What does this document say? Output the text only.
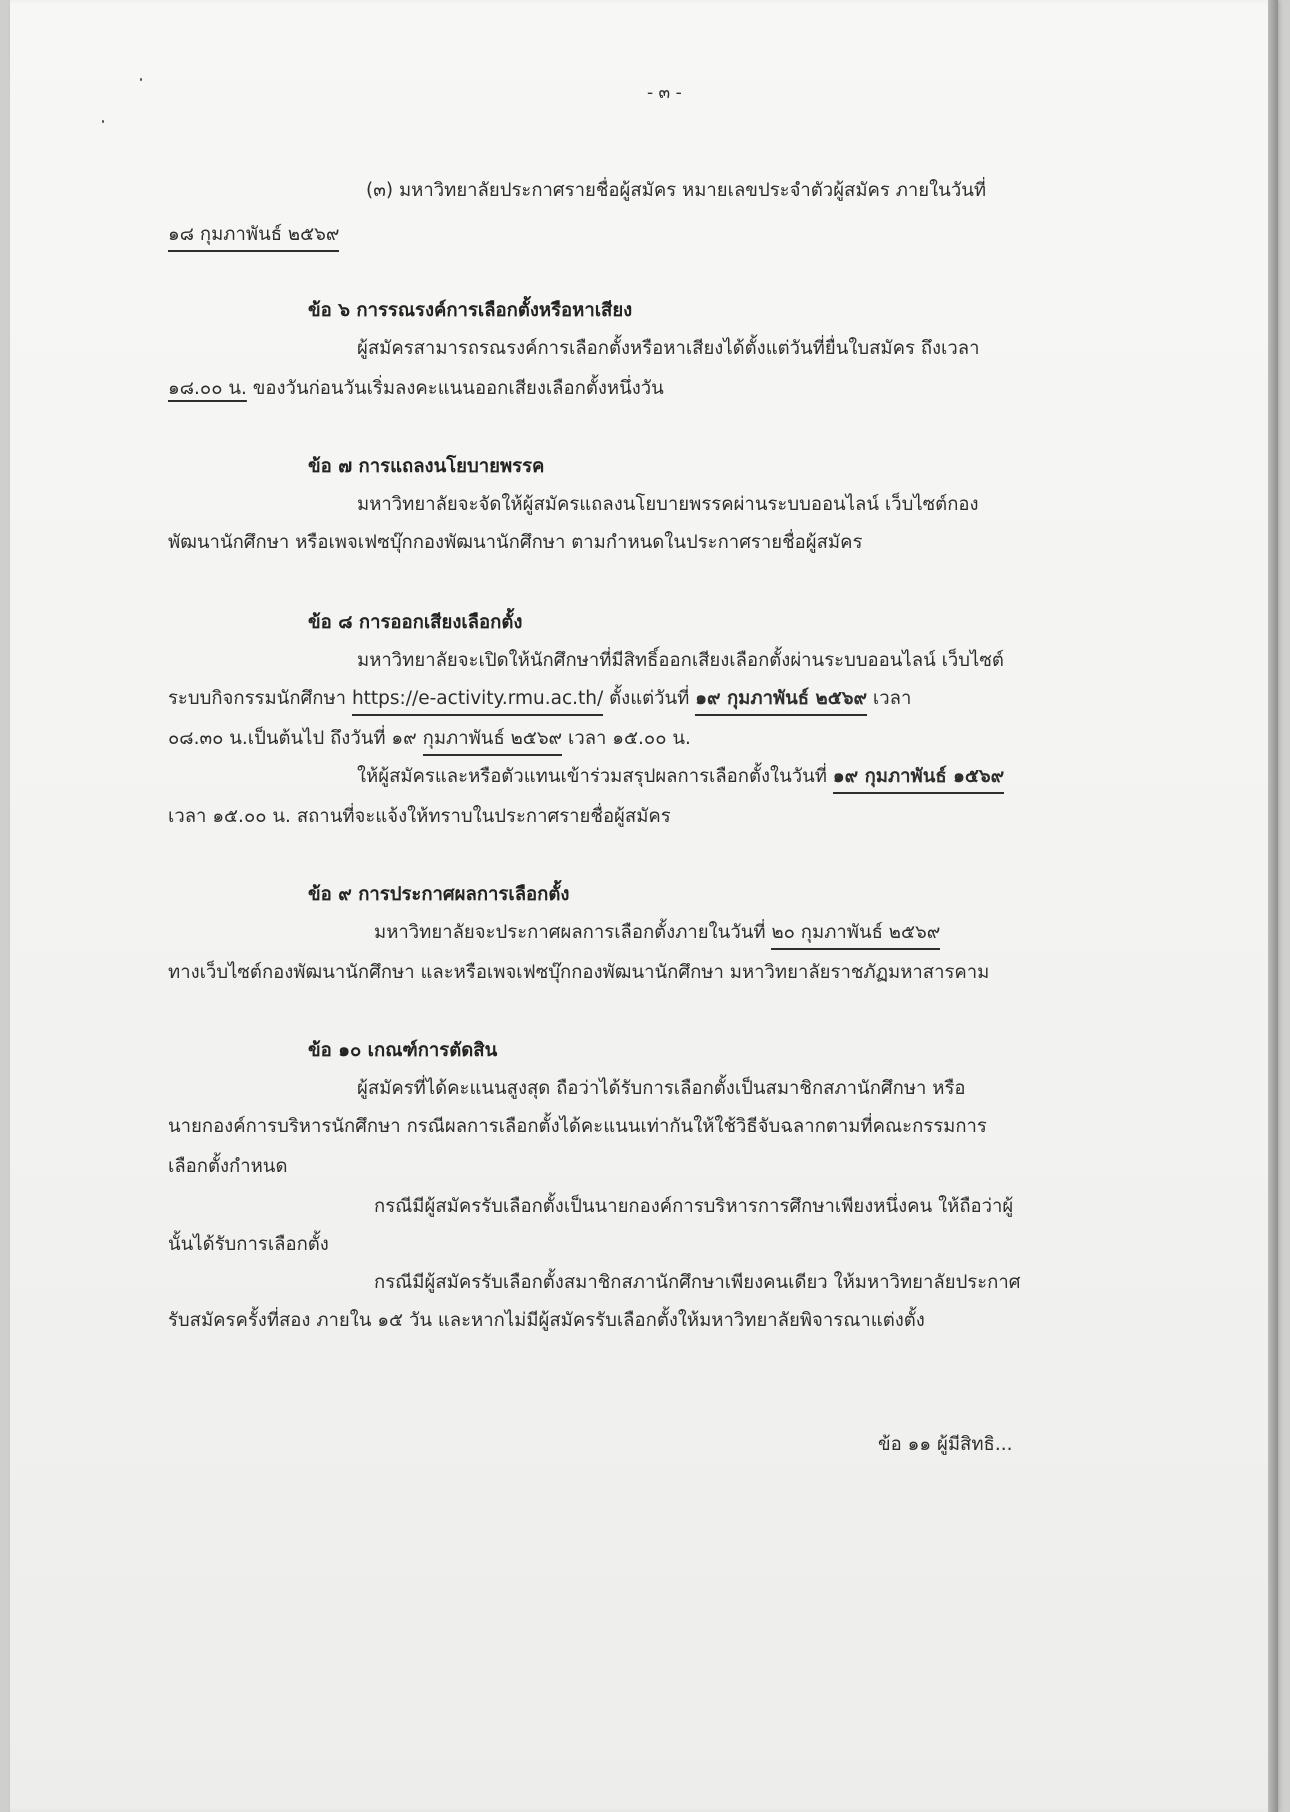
- ๓ -
(๓) มหาวิทยาลัยประกาศรายชื่อผู้สมัคร หมายเลขประจำตัวผู้สมัคร ภายในวันที่
๑๘ กุมภาพันธ์ ๒๕๖๙
ข้อ ๖ การรณรงค์การเลือกตั้งหรือหาเสียง
ผู้สมัครสามารถรณรงค์การเลือกตั้งหรือหาเสียงได้ตั้งแต่วันที่ยื่นใบสมัคร ถึงเวลา
๑๘.๐๐ น. ของวันก่อนวันเริ่มลงคะแนนออกเสียงเลือกตั้งหนึ่งวัน
ข้อ ๗ การแถลงนโยบายพรรค
มหาวิทยาลัยจะจัดให้ผู้สมัครแถลงนโยบายพรรคผ่านระบบออนไลน์ เว็บไซต์กอง
พัฒนานักศึกษา หรือเพจเฟซบุ๊กกองพัฒนานักศึกษา ตามกำหนดในประกาศรายชื่อผู้สมัคร
ข้อ ๘ การออกเสียงเลือกตั้ง
มหาวิทยาลัยจะเปิดให้นักศึกษาที่มีสิทธิ์ออกเสียงเลือกตั้งผ่านระบบออนไลน์ เว็บไซต์
ระบบกิจกรรมนักศึกษา https://e-activity.rmu.ac.th/ ตั้งแต่วันที่ ๑๙ กุมภาพันธ์ ๒๕๖๙ เวลา
๐๘.๓๐ น.เป็นต้นไป ถึงวันที่ ๑๙ กุมภาพันธ์ ๒๕๖๙ เวลา ๑๕.๐๐ น.
ให้ผู้สมัครและหรือตัวแทนเข้าร่วมสรุปผลการเลือกตั้งในวันที่ ๑๙ กุมภาพันธ์ ๑๕๖๙
เวลา ๑๕.๐๐ น. สถานที่จะแจ้งให้ทราบในประกาศรายชื่อผู้สมัคร
ข้อ ๙ การประกาศผลการเลือกตั้ง
มหาวิทยาลัยจะประกาศผลการเลือกตั้งภายในวันที่ ๒๐ กุมภาพันธ์ ๒๕๖๙
ทางเว็บไซต์กองพัฒนานักศึกษา และหรือเพจเฟซบุ๊กกองพัฒนานักศึกษา มหาวิทยาลัยราชภัฏมหาสารคาม
ข้อ ๑๐ เกณฑ์การตัดสิน
ผู้สมัครที่ได้คะแนนสูงสุด ถือว่าได้รับการเลือกตั้งเป็นสมาชิกสภานักศึกษา หรือ
นายกองค์การบริหารนักศึกษา กรณีผลการเลือกตั้งได้คะแนนเท่ากันให้ใช้วิธีจับฉลากตามที่คณะกรรมการ
เลือกตั้งกำหนด
กรณีมีผู้สมัครรับเลือกตั้งเป็นนายกองค์การบริหารการศึกษาเพียงหนึ่งคน ให้ถือว่าผู้
นั้นได้รับการเลือกตั้ง
กรณีมีผู้สมัครรับเลือกตั้งสมาชิกสภานักศึกษาเพียงคนเดียว ให้มหาวิทยาลัยประกาศ
รับสมัครครั้งที่สอง ภายใน ๑๕ วัน และหากไม่มีผู้สมัครรับเลือกตั้งให้มหาวิทยาลัยพิจารณาแต่งตั้ง
ข้อ ๑๑ ผู้มีสิทธิ...
